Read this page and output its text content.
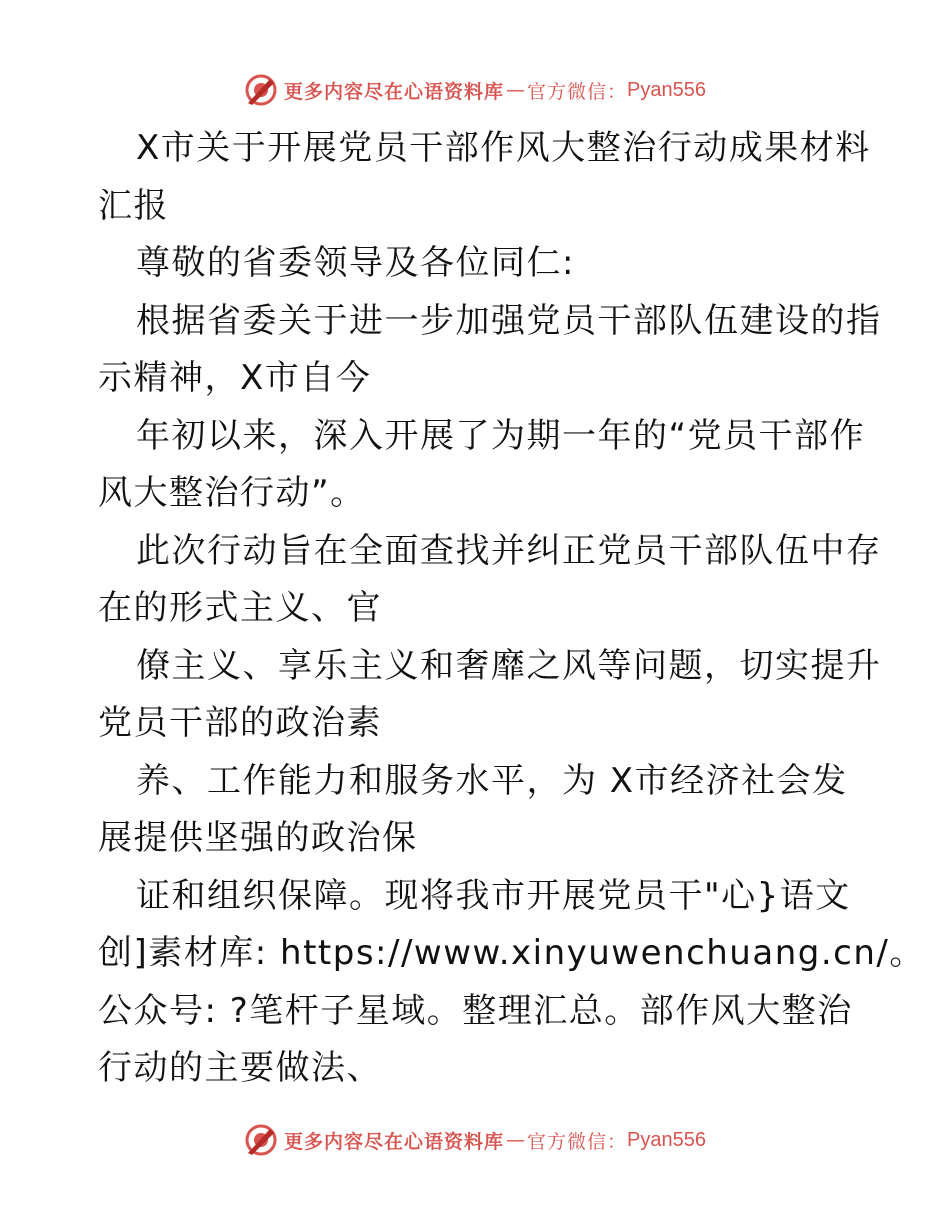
更多内容尽在心语资料库 — 官方微信： Pyan556
X市关于开展党员干部作风大整治行动成果材料
汇报
尊敬的省委领导及各位同仁:
根据省委关于进一步加强党员干部队伍建设的指
示精神，X市自今
年初以来，深入开展了为期一年的“党员干部作
风大整治行动”。
此次行动旨在全面查找并纠正党员干部队伍中存
在的形式主义、官
僚主义、享乐主义和奢靡之风等问题，切实提升
党员干部的政治素
养、工作能力和服务水平，为 X市经济社会发
展提供坚强的政治保
证和组织保障。现将我市开展党员干"心}语文
创]素材库: https://www.xinyuwenchuang.cn/。
公众号: ?笔杆子星域。整理汇总。部作风大整治
行动的主要做法、
更多内容尽在心语资料库 — 官方微信： Pyan556
